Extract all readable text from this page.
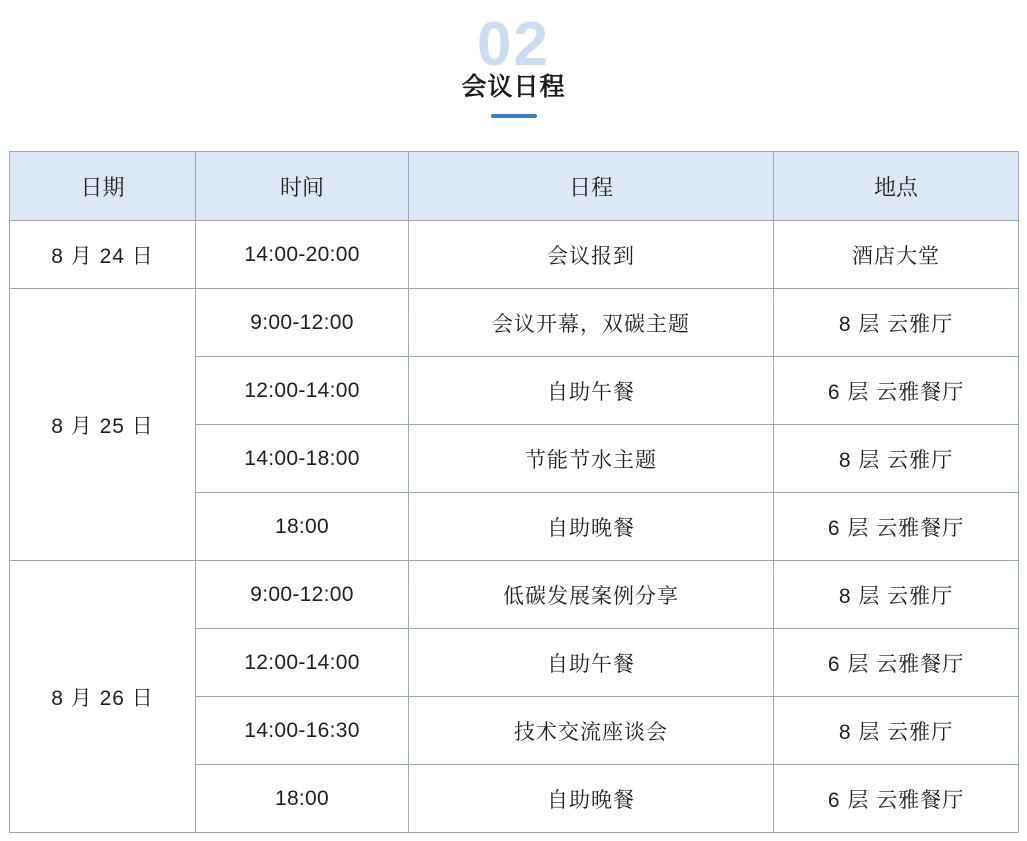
02
会议日程
日期	时间	日程	地点
8 月 24 日	14:00-20:00	会议报到	酒店大堂
8 月 25 日	9:00-12:00	会议开幕，双碳主题	8 层 云雅厅
	12:00-14:00	自助午餐	6 层 云雅餐厅
	14:00-18:00	节能节水主题	8 层 云雅厅
	18:00	自助晚餐	6 层 云雅餐厅
8 月 26 日	9:00-12:00	低碳发展案例分享	8 层 云雅厅
	12:00-14:00	自助午餐	6 层 云雅餐厅
	14:00-16:30	技术交流座谈会	8 层 云雅厅
	18:00	自助晚餐	6 层 云雅餐厅
